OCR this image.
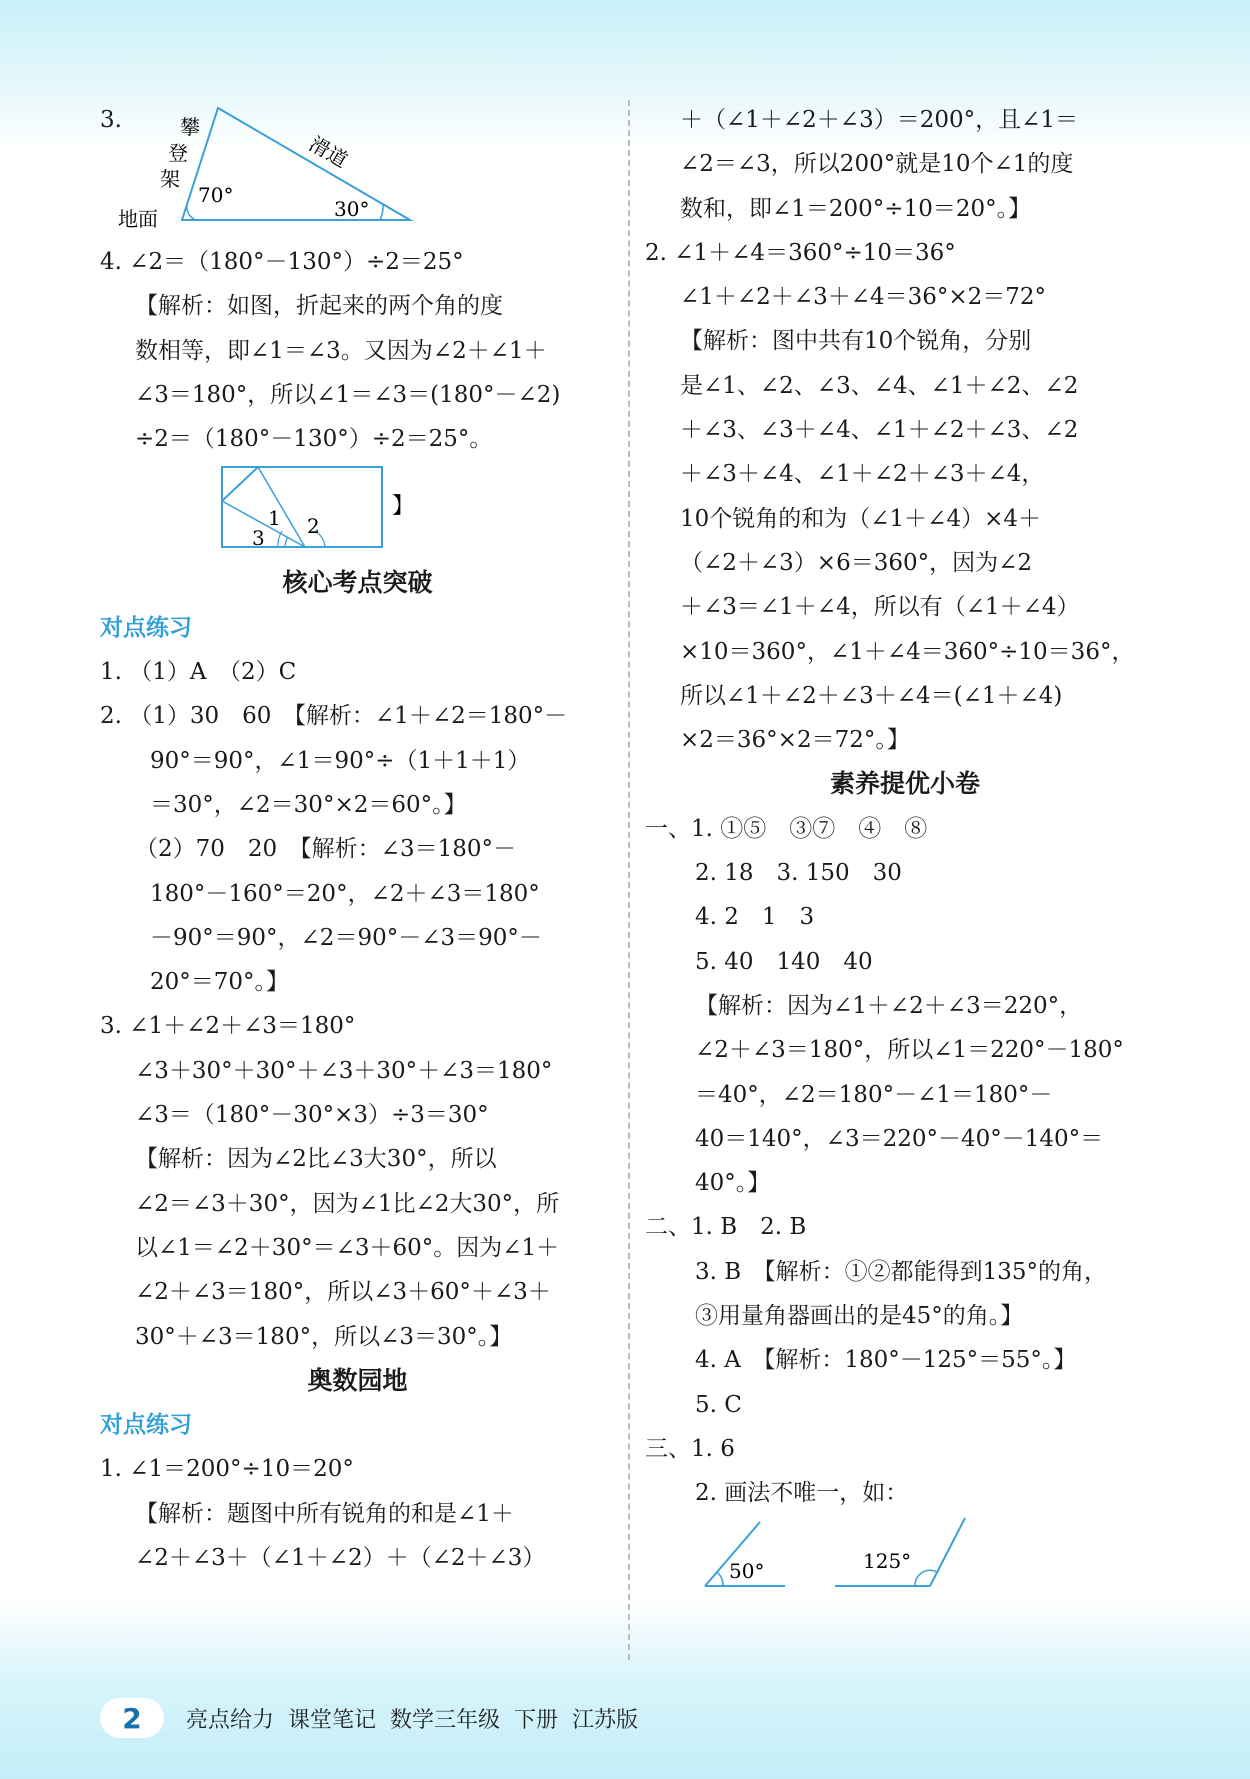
3.	攀
登
架
滑道
地面
70°
30°
4. ∠2＝（180°－130°）÷2＝25°
【解析：如图，折起来的两个角的度
数相等，即∠1＝∠3。又因为∠2＋∠1＋
∠3＝180°，所以∠1＝∠3＝(180°－∠2)
÷2＝（180°－130°）÷2＝25°。
1 2
3
】
核心考点突破
对点练习
1. （1）A　（2）C
2. （1）30　60　【解析：∠1＋∠2＝180°－
90°＝90°，∠1＝90°÷（1＋1＋1）
＝30°，∠2＝30°×2＝60°。】
（2）70　20　【解析：∠3＝180°－
180°－160°＝20°，∠2＋∠3＝180°
－90°＝90°，∠2＝90°－∠3＝90°－
20°＝70°。】
3. ∠1＋∠2＋∠3＝180°
∠3＋30°＋30°＋∠3＋30°＋∠3＝180°
∠3＝（180°－30°×3）÷3＝30°
【解析：因为∠2比∠3大30°，所以
∠2＝∠3＋30°，因为∠1比∠2大30°，所
以∠1＝∠2＋30°＝∠3＋60°。因为∠1＋
∠2＋∠3＝180°，所以∠3＋60°＋∠3＋
30°＋∠3＝180°，所以∠3＝30°。】
奥数园地
对点练习
1. ∠1＝200°÷10＝20°
【解析：题图中所有锐角的和是∠1＋
∠2＋∠3＋（∠1＋∠2）＋（∠2＋∠3）
＋（∠1＋∠2＋∠3）＝200°，且∠1＝
∠2＝∠3，所以200°就是10个∠1的度
数和，即∠1＝200°÷10＝20°。】
2. ∠1＋∠4＝360°÷10＝36°
∠1＋∠2＋∠3＋∠4＝36°×2＝72°
【解析：图中共有10个锐角，分别
是∠1、∠2、∠3、∠4、∠1＋∠2、∠2
＋∠3、∠3＋∠4、∠1＋∠2＋∠3、∠2
＋∠3＋∠4、∠1＋∠2＋∠3＋∠4，
10个锐角的和为（∠1＋∠4）×4＋
（∠2＋∠3）×6＝360°，因为∠2
＋∠3＝∠1＋∠4，所以有（∠1＋∠4）
×10＝360°，∠1＋∠4＝360°÷10＝36°，
所以∠1＋∠2＋∠3＋∠4＝(∠1＋∠4)
×2＝36°×2＝72°。】
素养提优小卷
一、1. ①⑤　③⑦　④　⑧
2. 18　3. 150　30
4. 2　1　3
5. 40　140　40
【解析：因为∠1＋∠2＋∠3＝220°，
∠2＋∠3＝180°，所以∠1＝220°－180°
＝40°，∠2＝180°－∠1＝180°－
40＝140°，∠3＝220°－40°－140°＝
40°。】
二、1. B　2. B
3. B　【解析：①②都能得到135°的角，
③用量角器画出的是45°的角。】
4. A　【解析：180°－125°＝55°。】
5. C
三、1. 6
2. 画法不唯一，如：
50°	125°
2	亮点给力 课堂笔记 数学三年级 下册 江苏版
